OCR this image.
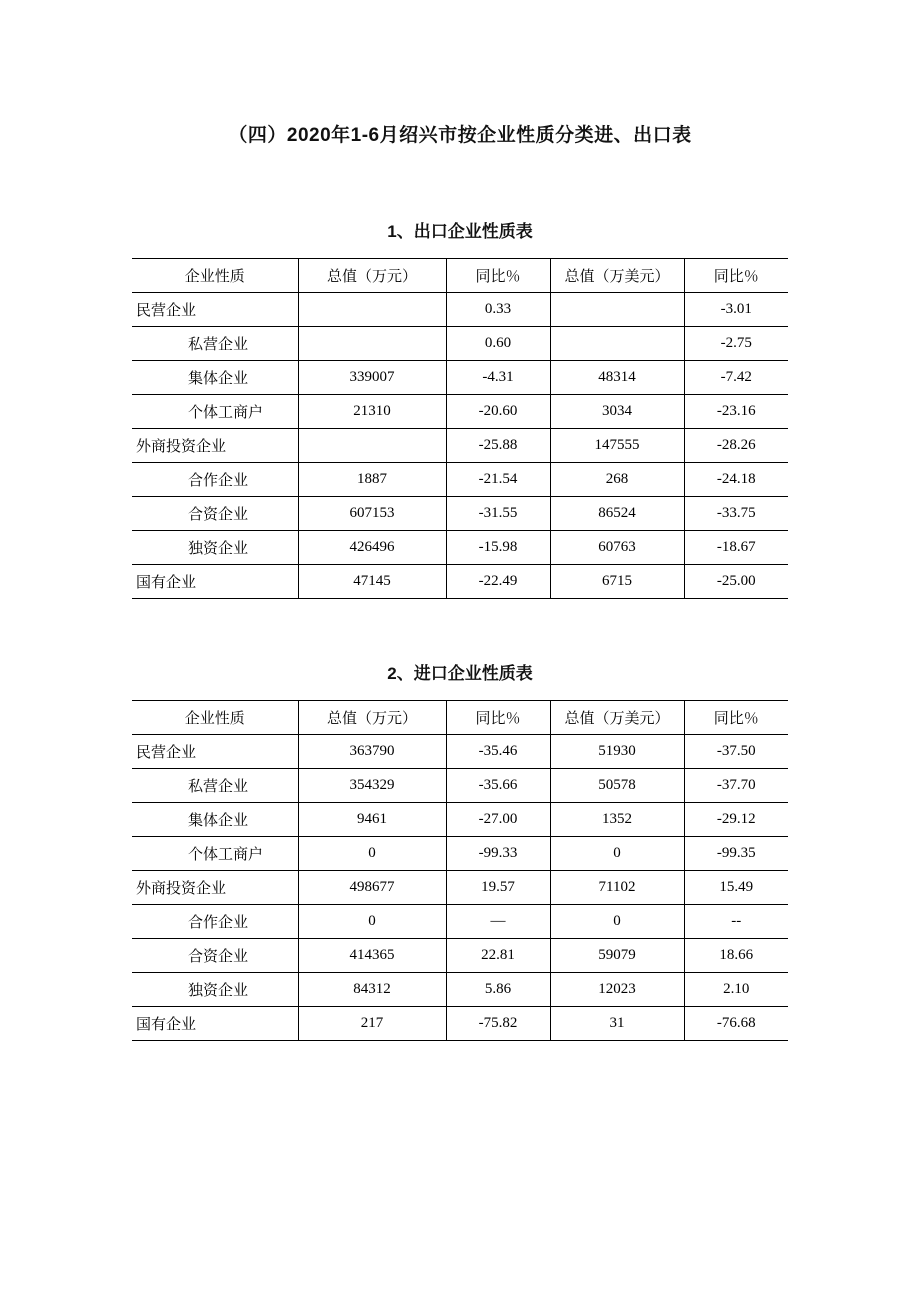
（四）2020年1-6月绍兴市按企业性质分类进、出口表
1、出口企业性质表
企业性质	总值（万元）	同比％	总值（万美元）	同比％
民营企业		0.33		-3.01
私营企业		0.60		-2.75
集体企业	339007	-4.31	48314	-7.42
个体工商户	21310	-20.60	3034	-23.16
外商投资企业		-25.88	147555	-28.26
合作企业	1887	-21.54	268	-24.18
合资企业	607153	-31.55	86524	-33.75
独资企业	426496	-15.98	60763	-18.67
国有企业	47145	-22.49	6715	-25.00
2、进口企业性质表
企业性质	总值（万元）	同比％	总值（万美元）	同比％
民营企业	363790	-35.46	51930	-37.50
私营企业	354329	-35.66	50578	-37.70
集体企业	9461	-27.00	1352	-29.12
个体工商户	0	-99.33	0	-99.35
外商投资企业	498677	19.57	71102	15.49
合作企业	0	—	0	--
合资企业	414365	22.81	59079	18.66
独资企业	84312	5.86	12023	2.10
国有企业	217	-75.82	31	-76.68
